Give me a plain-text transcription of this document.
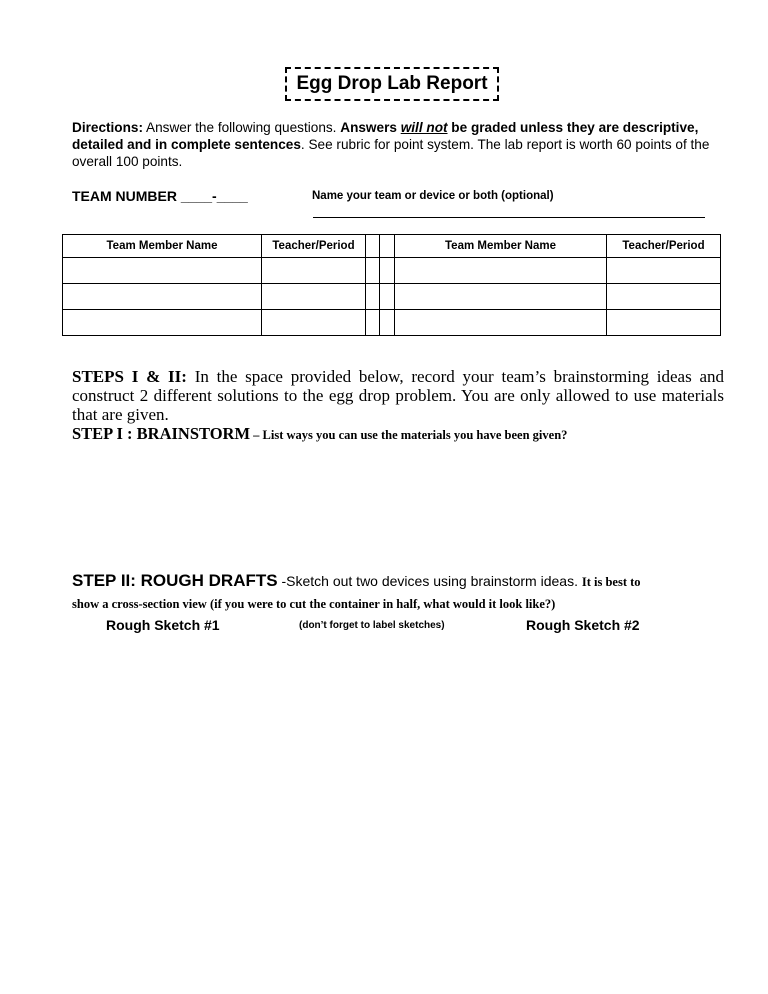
Egg Drop Lab Report
Directions: Answer the following questions. Answers will not be graded unless they are descriptive, detailed and in complete sentences. See rubric for point system. The lab report is worth 60 points of the overall 100 points.
TEAM NUMBER ____-____	Name your team or device or both (optional)
Team Member Name	Teacher/Period			Team Member Name	Teacher/Period

STEPS I & II: In the space provided below, record your team’s brainstorming ideas and construct 2 different solutions to the egg drop problem. You are only allowed to use materials that are given.
STEP I : BRAINSTORM – List ways you can use the materials you have been given?
STEP II: ROUGH DRAFTS -Sketch out two devices using brainstorm ideas. It is best to
show a cross-section view (if you were to cut the container in half, what would it look like?)
Rough Sketch #1	(don’t forget to label sketches)	Rough Sketch #2
